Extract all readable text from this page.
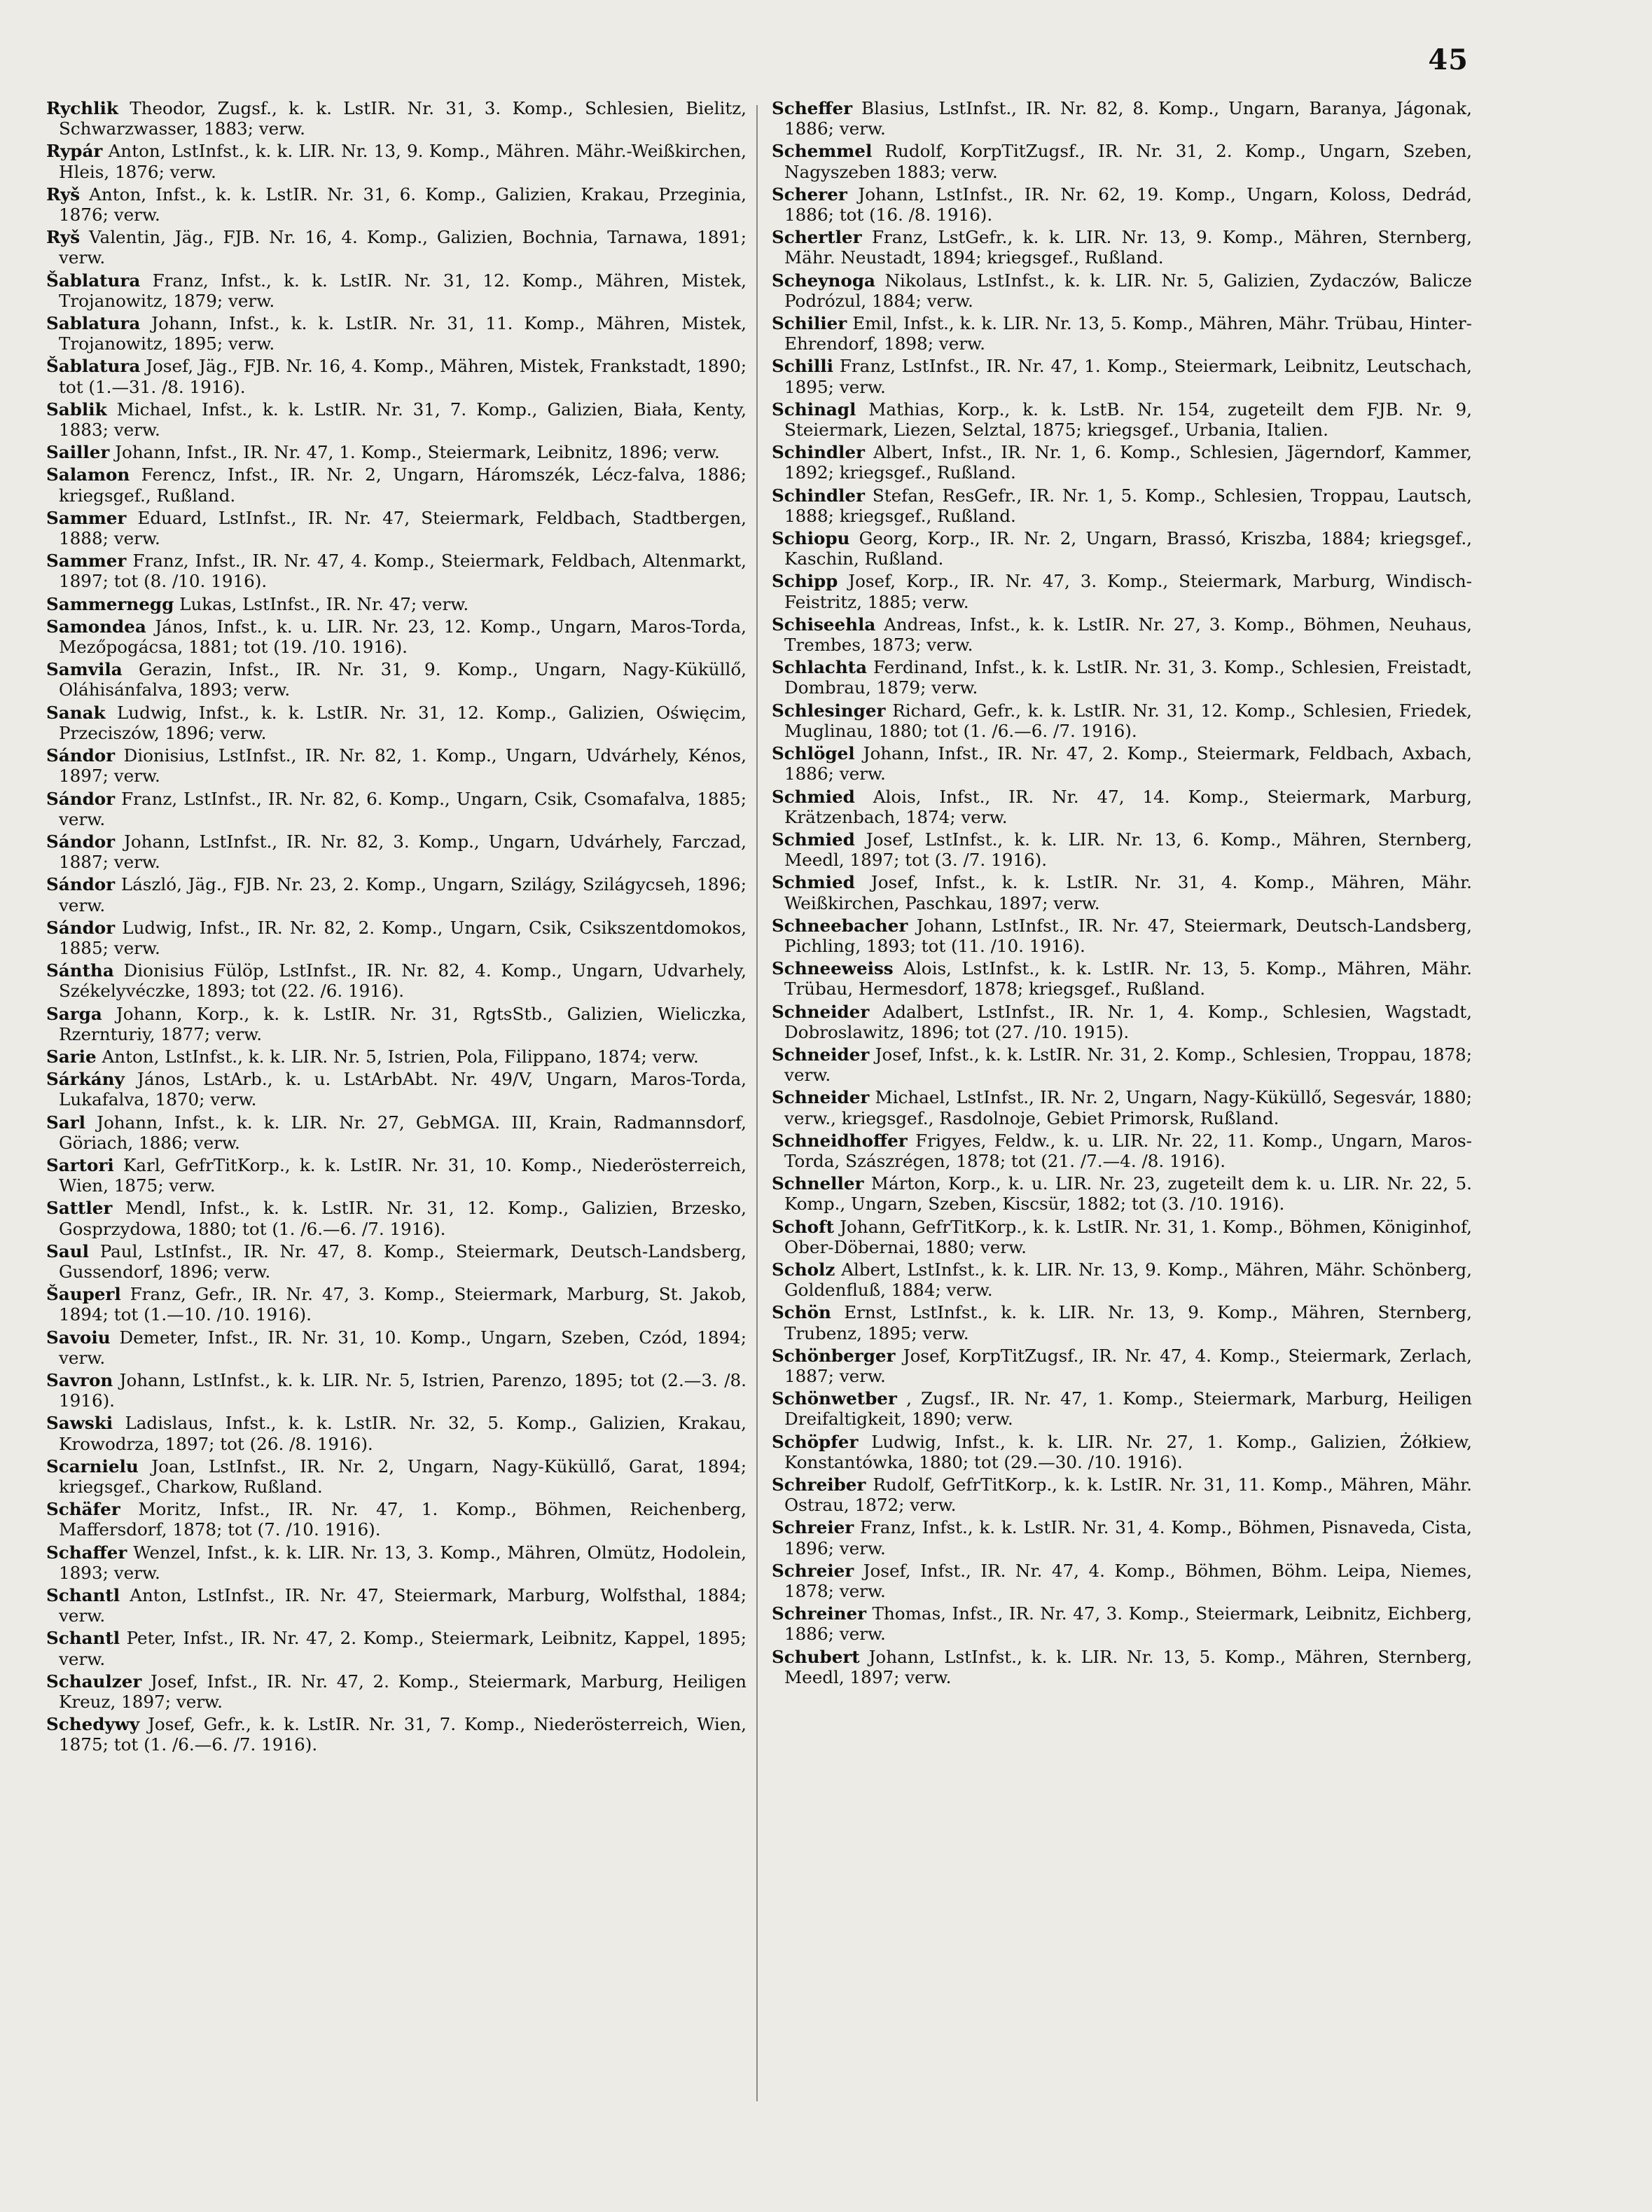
45
Rychlik Theodor, Zugsf., k. k. LstIR. Nr. 31, 3. Komp., Schlesien, Bielitz, Schwarzwasser, 1883; verw.
Rypár Anton, LstInfst., k. k. LIR. Nr. 13, 9. Komp., Mähren. Mähr.-Weißkirchen, Hleis, 1876; verw.
Ryš Anton, Infst., k. k. LstIR. Nr. 31, 6. Komp., Galizien, Krakau, Przeginia, 1876; verw.
Ryš Valentin, Jäg., FJB. Nr. 16, 4. Komp., Galizien, Bochnia, Tarnawa, 1891; verw.
Šablatura Franz, Infst., k. k. LstIR. Nr. 31, 12. Komp., Mähren, Mistek, Trojanowitz, 1879; verw.
Sablatura Johann, Infst., k. k. LstIR. Nr. 31, 11. Komp., Mähren, Mistek, Trojanowitz, 1895; verw.
Šablatura Josef, Jäg., FJB. Nr. 16, 4. Komp., Mähren, Mistek, Frankstadt, 1890; tot (1.—31. /8. 1916).
Sablik Michael, Infst., k. k. LstIR. Nr. 31, 7. Komp., Galizien, Biała, Kenty, 1883; verw.
Sailler Johann, Infst., IR. Nr. 47, 1. Komp., Steiermark, Leibnitz, 1896; verw.
Salamon Ferencz, Infst., IR. Nr. 2, Ungarn, Háromszék, Lécz-falva, 1886; kriegsgef., Rußland.
Sammer Eduard, LstInfst., IR. Nr. 47, Steiermark, Feldbach, Stadtbergen, 1888; verw.
Sammer Franz, Infst., IR. Nr. 47, 4. Komp., Steiermark, Feldbach, Altenmarkt, 1897; tot (8. /10. 1916).
Sammernegg Lukas, LstInfst., IR. Nr. 47; verw.
Samondea János, Infst., k. u. LIR. Nr. 23, 12. Komp., Ungarn, Maros-Torda, Mezőpogácsa, 1881; tot (19. /10. 1916).
Samvila Gerazin, Infst., IR. Nr. 31, 9. Komp., Ungarn, Nagy-Küküllő, Oláhisánfalva, 1893; verw.
Sanak Ludwig, Infst., k. k. LstIR. Nr. 31, 12. Komp., Galizien, Oświęcim, Przeciszów, 1896; verw.
Sándor Dionisius, LstInfst., IR. Nr. 82, 1. Komp., Ungarn, Udvárhely, Kénos, 1897; verw.
Sándor Franz, LstInfst., IR. Nr. 82, 6. Komp., Ungarn, Csik, Csomafalva, 1885; verw.
Sándor Johann, LstInfst., IR. Nr. 82, 3. Komp., Ungarn, Udvárhely, Farczad, 1887; verw.
Sándor László, Jäg., FJB. Nr. 23, 2. Komp., Ungarn, Szilágy, Szilágycseh, 1896; verw.
Sándor Ludwig, Infst., IR. Nr. 82, 2. Komp., Ungarn, Csik, Csikszentdomokos, 1885; verw.
Sántha Dionisius Fülöp, LstInfst., IR. Nr. 82, 4. Komp., Ungarn, Udvarhely, Székelyvéczke, 1893; tot (22. /6. 1916).
Sarga Johann, Korp., k. k. LstIR. Nr. 31, RgtsStb., Galizien, Wieliczka, Rzernturiy, 1877; verw.
Sarie Anton, LstInfst., k. k. LIR. Nr. 5, Istrien, Pola, Filippano, 1874; verw.
Sárkány János, LstArb., k. u. LstArbAbt. Nr. 49/V, Ungarn, Maros-Torda, Lukafalva, 1870; verw.
Sarl Johann, Infst., k. k. LIR. Nr. 27, GebMGA. III, Krain, Radmannsdorf, Göriach, 1886; verw.
Sartori Karl, GefrTitKorp., k. k. LstIR. Nr. 31, 10. Komp., Niederösterreich, Wien, 1875; verw.
Sattler Mendl, Infst., k. k. LstIR. Nr. 31, 12. Komp., Galizien, Brzesko, Gosprzydowa, 1880; tot (1. /6.—6. /7. 1916).
Saul Paul, LstInfst., IR. Nr. 47, 8. Komp., Steiermark, Deutsch-Landsberg, Gussendorf, 1896; verw.
Šauperl Franz, Gefr., IR. Nr. 47, 3. Komp., Steiermark, Marburg, St. Jakob, 1894; tot (1.—10. /10. 1916).
Savoiu Demeter, Infst., IR. Nr. 31, 10. Komp., Ungarn, Szeben, Czód, 1894; verw.
Savron Johann, LstInfst., k. k. LIR. Nr. 5, Istrien, Parenzo, 1895; tot (2.—3. /8. 1916).
Sawski Ladislaus, Infst., k. k. LstIR. Nr. 32, 5. Komp., Galizien, Krakau, Krowodrza, 1897; tot (26. /8. 1916).
Scarnielu Joan, LstInfst., IR. Nr. 2, Ungarn, Nagy-Küküllő, Garat, 1894; kriegsgef., Charkow, Rußland.
Schäfer Moritz, Infst., IR. Nr. 47, 1. Komp., Böhmen, Reichenberg, Maffersdorf, 1878; tot (7. /10. 1916).
Schaffer Wenzel, Infst., k. k. LIR. Nr. 13, 3. Komp., Mähren, Olmütz, Hodolein, 1893; verw.
Schantl Anton, LstInfst., IR. Nr. 47, Steiermark, Marburg, Wolfsthal, 1884; verw.
Schantl Peter, Infst., IR. Nr. 47, 2. Komp., Steiermark, Leibnitz, Kappel, 1895; verw.
Schaulzer Josef, Infst., IR. Nr. 47, 2. Komp., Steiermark, Marburg, Heiligen Kreuz, 1897; verw.
Schedywy Josef, Gefr., k. k. LstIR. Nr. 31, 7. Komp., Niederösterreich, Wien, 1875; tot (1. /6.—6. /7. 1916).
Scheffer Blasius, LstInfst., IR. Nr. 82, 8. Komp., Ungarn, Baranya, Jágonak, 1886; verw.
Schemmel Rudolf, KorpTitZugsf., IR. Nr. 31, 2. Komp., Ungarn, Szeben, Nagyszeben 1883; verw.
Scherer Johann, LstInfst., IR. Nr. 62, 19. Komp., Ungarn, Koloss, Dedrád, 1886; tot (16. /8. 1916).
Schertler Franz, LstGefr., k. k. LIR. Nr. 13, 9. Komp., Mähren, Sternberg, Mähr. Neustadt, 1894; kriegsgef., Rußland.
Scheynoga Nikolaus, LstInfst., k. k. LIR. Nr. 5, Galizien, Zydaczów, Balicze Podrózul, 1884; verw.
Schilier Emil, Infst., k. k. LIR. Nr. 13, 5. Komp., Mähren, Mähr. Trübau, Hinter-Ehrendorf, 1898; verw.
Schilli Franz, LstInfst., IR. Nr. 47, 1. Komp., Steiermark, Leibnitz, Leutschach, 1895; verw.
Schinagl Mathias, Korp., k. k. LstB. Nr. 154, zugeteilt dem FJB. Nr. 9, Steiermark, Liezen, Selztal, 1875; kriegsgef., Urbania, Italien.
Schindler Albert, Infst., IR. Nr. 1, 6. Komp., Schlesien, Jägerndorf, Kammer, 1892; kriegsgef., Rußland.
Schindler Stefan, ResGefr., IR. Nr. 1, 5. Komp., Schlesien, Troppau, Lautsch, 1888; kriegsgef., Rußland.
Schiopu Georg, Korp., IR. Nr. 2, Ungarn, Brassó, Kriszba, 1884; kriegsgef., Kaschin, Rußland.
Schipp Josef, Korp., IR. Nr. 47, 3. Komp., Steiermark, Marburg, Windisch-Feistritz, 1885; verw.
Schiseehla Andreas, Infst., k. k. LstIR. Nr. 27, 3. Komp., Böhmen, Neuhaus, Trembes, 1873; verw.
Schlachta Ferdinand, Infst., k. k. LstIR. Nr. 31, 3. Komp., Schlesien, Freistadt, Dombrau, 1879; verw.
Schlesinger Richard, Gefr., k. k. LstIR. Nr. 31, 12. Komp., Schlesien, Friedek, Muglinau, 1880; tot (1. /6.—6. /7. 1916).
Schlögel Johann, Infst., IR. Nr. 47, 2. Komp., Steiermark, Feldbach, Axbach, 1886; verw.
Schmied Alois, Infst., IR. Nr. 47, 14. Komp., Steiermark, Marburg, Krätzenbach, 1874; verw.
Schmied Josef, LstInfst., k. k. LIR. Nr. 13, 6. Komp., Mähren, Sternberg, Meedl, 1897; tot (3. /7. 1916).
Schmied Josef, Infst., k. k. LstIR. Nr. 31, 4. Komp., Mähren, Mähr. Weißkirchen, Paschkau, 1897; verw.
Schneebacher Johann, LstInfst., IR. Nr. 47, Steiermark, Deutsch-Landsberg, Pichling, 1893; tot (11. /10. 1916).
Schneeweiss Alois, LstInfst., k. k. LstIR. Nr. 13, 5. Komp., Mähren, Mähr. Trübau, Hermesdorf, 1878; kriegsgef., Rußland.
Schneider Adalbert, LstInfst., IR. Nr. 1, 4. Komp., Schlesien, Wagstadt, Dobroslawitz, 1896; tot (27. /10. 1915).
Schneider Josef, Infst., k. k. LstIR. Nr. 31, 2. Komp., Schlesien, Troppau, 1878; verw.
Schneider Michael, LstInfst., IR. Nr. 2, Ungarn, Nagy-Küküllő, Segesvár, 1880; verw., kriegsgef., Rasdolnoje, Gebiet Primorsk, Rußland.
Schneidhoffer Frigyes, Feldw., k. u. LIR. Nr. 22, 11. Komp., Ungarn, Maros-Torda, Szászrégen, 1878; tot (21. /7.—4. /8. 1916).
Schneller Márton, Korp., k. u. LIR. Nr. 23, zugeteilt dem k. u. LIR. Nr. 22, 5. Komp., Ungarn, Szeben, Kiscsür, 1882; tot (3. /10. 1916).
Schoft Johann, GefrTitKorp., k. k. LstIR. Nr. 31, 1. Komp., Böhmen, Königinhof, Ober-Döbernai, 1880; verw.
Scholz Albert, LstInfst., k. k. LIR. Nr. 13, 9. Komp., Mähren, Mähr. Schönberg, Goldenfluß, 1884; verw.
Schön Ernst, LstInfst., k. k. LIR. Nr. 13, 9. Komp., Mähren, Sternberg, Trubenz, 1895; verw.
Schönberger Josef, KorpTitZugsf., IR. Nr. 47, 4. Komp., Steiermark, Zerlach, 1887; verw.
Schönwetber , Zugsf., IR. Nr. 47, 1. Komp., Steiermark, Marburg, Heiligen Dreifaltigkeit, 1890; verw.
Schöpfer Ludwig, Infst., k. k. LIR. Nr. 27, 1. Komp., Galizien, Żółkiew, Konstantówka, 1880; tot (29.—30. /10. 1916).
Schreiber Rudolf, GefrTitKorp., k. k. LstIR. Nr. 31, 11. Komp., Mähren, Mähr. Ostrau, 1872; verw.
Schreier Franz, Infst., k. k. LstIR. Nr. 31, 4. Komp., Böhmen, Pisnaveda, Cista, 1896; verw.
Schreier Josef, Infst., IR. Nr. 47, 4. Komp., Böhmen, Böhm. Leipa, Niemes, 1878; verw.
Schreiner Thomas, Infst., IR. Nr. 47, 3. Komp., Steiermark, Leibnitz, Eichberg, 1886; verw.
Schubert Johann, LstInfst., k. k. LIR. Nr. 13, 5. Komp., Mähren, Sternberg, Meedl, 1897; verw.
